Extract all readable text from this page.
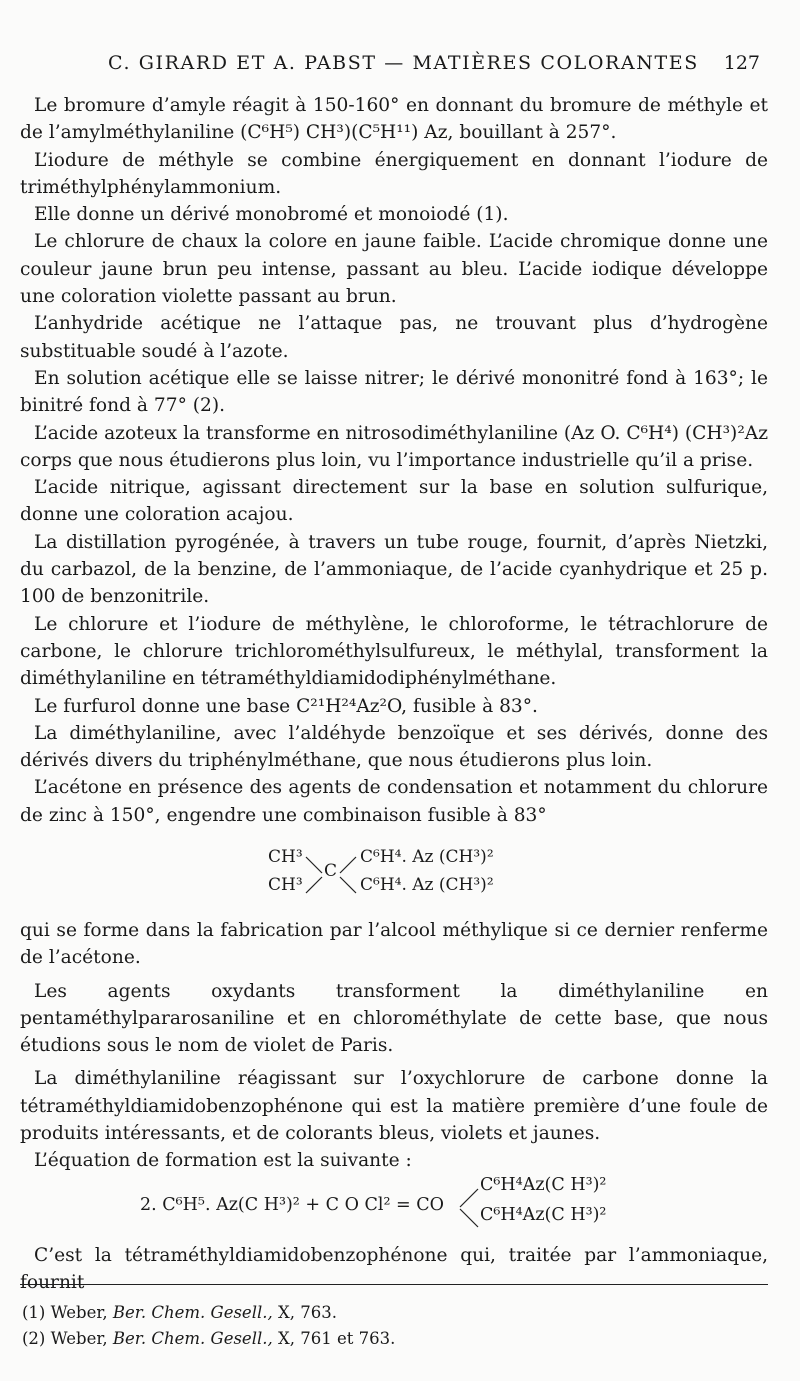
C. GIRARD ET A. PABST — MATIÈRES COLORANTES 127

Le bromure d’amyle réagit à 150-160° en donnant du bromure de méthyle et de l’amylméthylaniline (C⁶H⁵) CH³)(C⁵H¹¹) Az, bouillant à 257°.

L’iodure de méthyle se combine énergiquement en donnant l’iodure de triméthylphénylammonium.

Elle donne un dérivé monobromé et monoiodé (1).

Le chlorure de chaux la colore en jaune faible. L’acide chromique donne une couleur jaune brun peu intense, passant au bleu. L’acide iodique développe une coloration violette passant au brun.

L’anhydride acétique ne l’attaque pas, ne trouvant plus d’hydrogène substituable soudé à l’azote.

En solution acétique elle se laisse nitrer; le dérivé mononitré fond à 163°; le binitré fond à 77° (2).

L’acide azoteux la transforme en nitrosodiméthylaniline (Az O. C⁶H⁴) (CH³)²Az corps que nous étudierons plus loin, vu l’importance industrielle qu’il a prise.

L’acide nitrique, agissant directement sur la base en solution sulfurique, donne une coloration acajou.

La distillation pyrogénée, à travers un tube rouge, fournit, d’après Nietzki, du carbazol, de la benzine, de l’ammoniaque, de l’acide cyanhydrique et 25 p. 100 de benzonitrile.

Le chlorure et l’iodure de méthylène, le chloroforme, le tétrachlorure de carbone, le chlorure trichlorométhylsulfureux, le méthylal, transforment la diméthylaniline en tétraméthyldiamidodiphénylméthane.

Le furfurol donne une base C²¹H²⁴Az²O, fusible à 83°.

La diméthylaniline, avec l’aldéhyde benzoïque et ses dérivés, donne des dérivés divers du triphénylméthane, que nous étudierons plus loin.

L’acétone en présence des agents de condensation et notamment du chlorure de zinc à 150°, engendre une combinaison fusible à 83°

CH³
CH³
C
C⁶H⁴. Az (CH³)²
C⁶H⁴. Az (CH³)²

qui se forme dans la fabrication par l’alcool méthylique si ce dernier renferme de l’acétone.

Les agents oxydants transforment la diméthylaniline en pentaméthylpararosaniline et en chlorométhylate de cette base, que nous étudions sous le nom de violet de Paris.

La diméthylaniline réagissant sur l’oxychlorure de carbone donne la tétraméthyldiamidobenzophénone qui est la matière première d’une foule de produits intéressants, et de colorants bleus, violets et jaunes.

L’équation de formation est la suivante :

2. C⁶H⁵. Az(C H³)² + C O Cl² = CO
C⁶H⁴Az(C H³)²
C⁶H⁴Az(C H³)²

C’est la tétraméthyldiamidobenzophénone qui, traitée par l’ammoniaque, fournit

(1) Weber, Ber. Chem. Gesell., X, 763.
(2) Weber, Ber. Chem. Gesell., X, 761 et 763.
